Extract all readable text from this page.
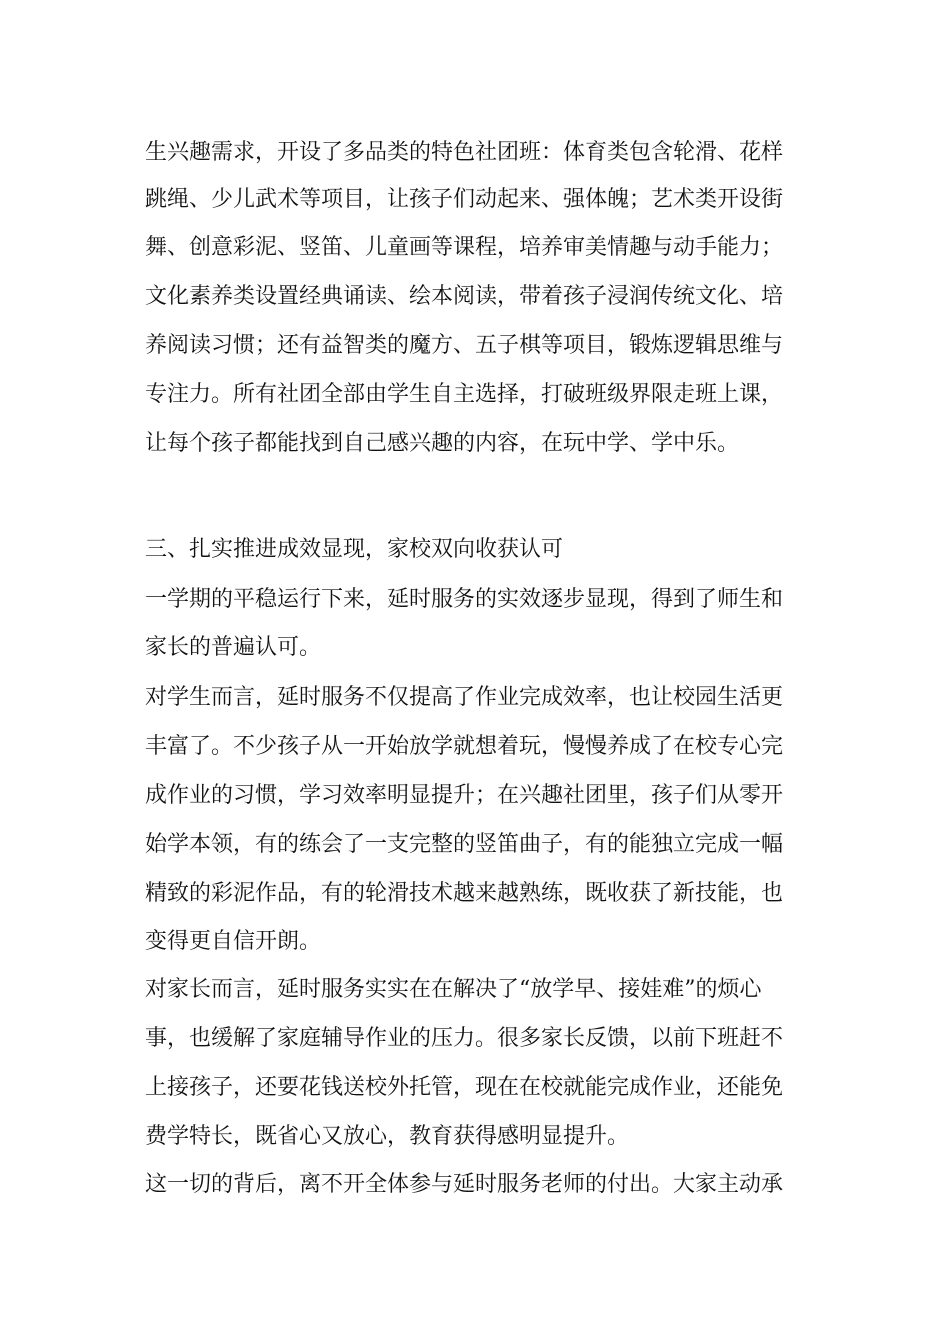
生兴趣需求，开设了多品类的特色社团班：体育类包含轮滑、花样
跳绳、少儿武术等项目，让孩子们动起来、强体魄；艺术类开设街
舞、创意彩泥、竖笛、儿童画等课程，培养审美情趣与动手能力；
文化素养类设置经典诵读、绘本阅读，带着孩子浸润传统文化、培
养阅读习惯；还有益智类的魔方、五子棋等项目，锻炼逻辑思维与
专注力。所有社团全部由学生自主选择，打破班级界限走班上课，
让每个孩子都能找到自己感兴趣的内容，在玩中学、学中乐。
三、扎实推进成效显现，家校双向收获认可
一学期的平稳运行下来，延时服务的实效逐步显现，得到了师生和
家长的普遍认可。
对学生而言，延时服务不仅提高了作业完成效率，也让校园生活更
丰富了。不少孩子从一开始放学就想着玩，慢慢养成了在校专心完
成作业的习惯，学习效率明显提升；在兴趣社团里，孩子们从零开
始学本领，有的练会了一支完整的竖笛曲子，有的能独立完成一幅
精致的彩泥作品，有的轮滑技术越来越熟练，既收获了新技能，也
变得更自信开朗。
对家长而言，延时服务实实在在解决了“放学早、接娃难”的烦心
事，也缓解了家庭辅导作业的压力。很多家长反馈，以前下班赶不
上接孩子，还要花钱送校外托管，现在在校就能完成作业，还能免
费学特长，既省心又放心，教育获得感明显提升。
这一切的背后，离不开全体参与延时服务老师的付出。大家主动承
